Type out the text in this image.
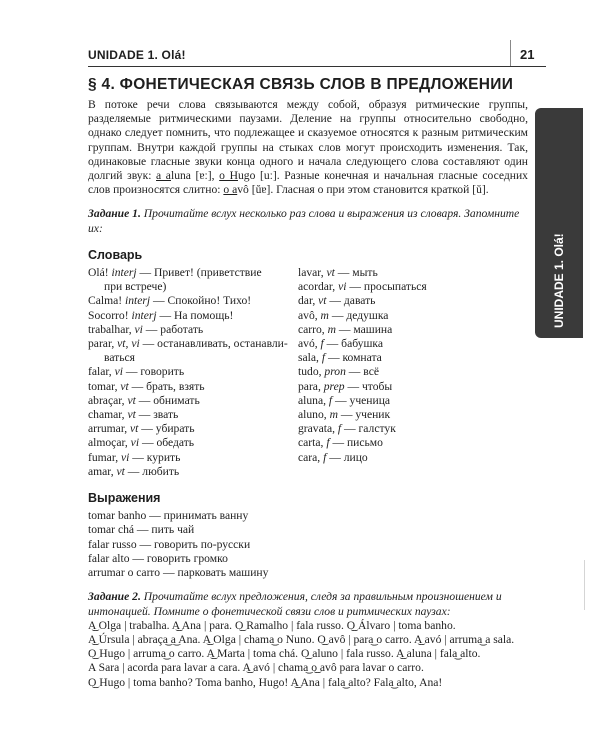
UNIDADE 1. Olá!	21
UNIDADE 1. Olá!
§ 4. ФОНЕТИЧЕСКАЯ СВЯЗЬ СЛОВ В ПРЕДЛОЖЕНИИ

В потоке речи слова связываются между собой, образуя ритмические группы, разделяемые ритмическими паузами. Деление на группы относительно свободно, однако следует помнить, что подлежащее и сказуемое относятся к разным ритмическим группам. Внутри каждой группы на стыках слов могут происходить изменения. Так, одинаковые гласные звуки конца одного и начала следующего слова составляют один долгий звук: a aluna [ɐː], o Hugo [uː]. Разные конечная и начальная гласные соседних слов произносятся слитно: o avô [ŭɐ]. Гласная o при этом становится краткой [ŭ].

Задание 1. Прочитайте вслух несколько раз слова и выражения из словаря. Запомните их:

Словарь
Olá! interj — Привет! (приветствие
при встрече)
Calma! interj — Спокойно! Тихо!
Socorro! interj — На помощь!
trabalhar, vi — работать
parar, vt, vi — останавливать, останавли-
ваться
falar, vi — говорить
tomar, vt — брать, взять
abraçar, vt — обнимать
chamar, vt — звать
arrumar, vt — убирать
almoçar, vi — обедать
fumar, vi — курить
amar, vt — любить
lavar, vt — мыть
acordar, vi — просыпаться
dar, vt — давать
avô, m — дедушка
carro, m — машина
avó, f — бабушка
sala, f — комната
tudo, pron — всё
para, prep — чтобы
aluna, f — ученица
aluno, m — ученик
gravata, f — галстук
carta, f — письмо
cara, f — лицо
Выражения
tomar banho — принимать ванну
tomar chá — пить чай
falar russo — говорить по-русски
falar alto — говорить громко
arrumar o carro — парковать машину

Задание 2. Прочитайте вслух предложения, следя за правильным произношением и интонацией. Помните о фонетической связи слов и ритмических паузах:

A͜ Olga | trabalha. A͜ Ana | para. O͜ Ramalho | fala russo. O͜ Álvaro | toma banho.

A͜ Úrsula | abraça͜ a͜ Ana. A͜ Olga | chama͜ o Nuno. O͜ avô | para͜ o carro. A͜ avó | arruma͜ a sala.

O͜ Hugo | arruma͜ o carro. A͜ Marta | toma chá. O͜ aluno | fala russo. A͜ aluna | fala͜ alto.

A Sara | acorda para lavar a cara. A͜ avó | chama͜ o͜ avô para lavar o carro.

O͜ Hugo | toma banho? Toma banho, Hugo! A͜ Ana | fala͜ alto? Fala͜ alto, Ana!
